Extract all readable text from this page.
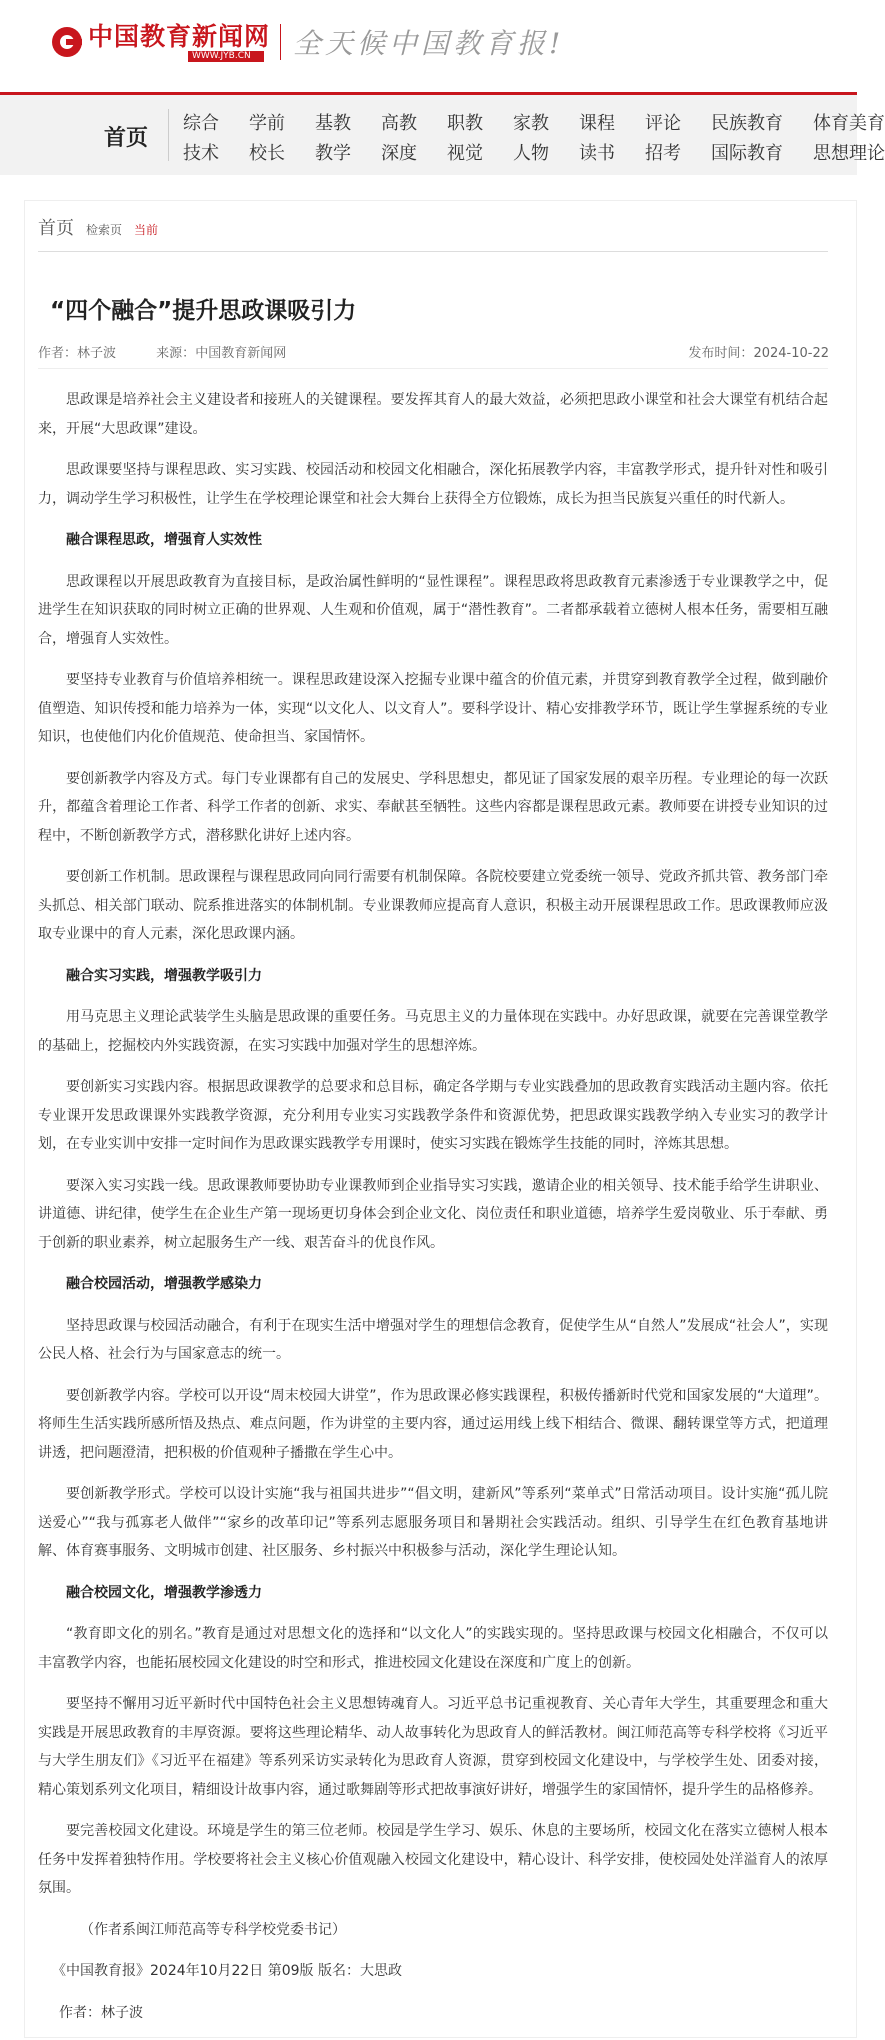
中国教育新闻网
WWW.JYB.CN	全天候中国教育报!
首页
综合 学前 基教 高教 职教 家教 课程 评论 民族教育 体育美育
技术 校长 教学 深度 视觉 人物 读书 招考 国际教育 思想理论
首页 检索页 当前
“四个融合”提升思政课吸引力
作者：林子波	来源：中国教育新闻网	发布时间：2024-10-22

思政课是培养社会主义建设者和接班人的关键课程。要发挥其育人的最大效益，必须把思政小课堂和社会大课堂有机结合起来，开展“大思政课”建设。

思政课要坚持与课程思政、实习实践、校园活动和校园文化相融合，深化拓展教学内容，丰富教学形式，提升针对性和吸引力，调动学生学习积极性，让学生在学校理论课堂和社会大舞台上获得全方位锻炼，成长为担当民族复兴重任的时代新人。

融合课程思政，增强育人实效性

思政课程以开展思政教育为直接目标，是政治属性鲜明的“显性课程”。课程思政将思政教育元素渗透于专业课教学之中，促进学生在知识获取的同时树立正确的世界观、人生观和价值观，属于“潜性教育”。二者都承载着立德树人根本任务，需要相互融合，增强育人实效性。

要坚持专业教育与价值培养相统一。课程思政建设深入挖掘专业课中蕴含的价值元素，并贯穿到教育教学全过程，做到融价值塑造、知识传授和能力培养为一体，实现“以文化人、以文育人”。要科学设计、精心安排教学环节，既让学生掌握系统的专业知识，也使他们内化价值规范、使命担当、家国情怀。

要创新教学内容及方式。每门专业课都有自己的发展史、学科思想史，都见证了国家发展的艰辛历程。专业理论的每一次跃升，都蕴含着理论工作者、科学工作者的创新、求实、奉献甚至牺牲。这些内容都是课程思政元素。教师要在讲授专业知识的过程中，不断创新教学方式，潜移默化讲好上述内容。

要创新工作机制。思政课程与课程思政同向同行需要有机制保障。各院校要建立党委统一领导、党政齐抓共管、教务部门牵头抓总、相关部门联动、院系推进落实的体制机制。专业课教师应提高育人意识，积极主动开展课程思政工作。思政课教师应汲取专业课中的育人元素，深化思政课内涵。

融合实习实践，增强教学吸引力

用马克思主义理论武装学生头脑是思政课的重要任务。马克思主义的力量体现在实践中。办好思政课，就要在完善课堂教学的基础上，挖掘校内外实践资源，在实习实践中加强对学生的思想淬炼。

要创新实习实践内容。根据思政课教学的总要求和总目标，确定各学期与专业实践叠加的思政教育实践活动主题内容。依托专业课开发思政课课外实践教学资源，充分利用专业实习实践教学条件和资源优势，把思政课实践教学纳入专业实习的教学计划，在专业实训中安排一定时间作为思政课实践教学专用课时，使实习实践在锻炼学生技能的同时，淬炼其思想。

要深入实习实践一线。思政课教师要协助专业课教师到企业指导实习实践，邀请企业的相关领导、技术能手给学生讲职业、讲道德、讲纪律，使学生在企业生产第一现场更切身体会到企业文化、岗位责任和职业道德，培养学生爱岗敬业、乐于奉献、勇于创新的职业素养，树立起服务生产一线、艰苦奋斗的优良作风。

融合校园活动，增强教学感染力

坚持思政课与校园活动融合，有利于在现实生活中增强对学生的理想信念教育，促使学生从“自然人”发展成“社会人”，实现公民人格、社会行为与国家意志的统一。

要创新教学内容。学校可以开设“周末校园大讲堂”，作为思政课必修实践课程，积极传播新时代党和国家发展的“大道理”。将师生生活实践所感所悟及热点、难点问题，作为讲堂的主要内容，通过运用线上线下相结合、微课、翻转课堂等方式，把道理讲透，把问题澄清，把积极的价值观种子播撒在学生心中。

要创新教学形式。学校可以设计实施“我与祖国共进步”“倡文明，建新风”等系列“菜单式”日常活动项目。设计实施“孤儿院送爱心”“我与孤寡老人做伴”“家乡的改革印记”等系列志愿服务项目和暑期社会实践活动。组织、引导学生在红色教育基地讲解、体育赛事服务、文明城市创建、社区服务、乡村振兴中积极参与活动，深化学生理论认知。

融合校园文化，增强教学渗透力

“教育即文化的别名。”教育是通过对思想文化的选择和“以文化人”的实践实现的。坚持思政课与校园文化相融合，不仅可以丰富教学内容，也能拓展校园文化建设的时空和形式，推进校园文化建设在深度和广度上的创新。

要坚持不懈用习近平新时代中国特色社会主义思想铸魂育人。习近平总书记重视教育、关心青年大学生，其重要理念和重大实践是开展思政教育的丰厚资源。要将这些理论精华、动人故事转化为思政育人的鲜活教材。闽江师范高等专科学校将《习近平与大学生朋友们》《习近平在福建》等系列采访实录转化为思政育人资源，贯穿到校园文化建设中，与学校学生处、团委对接，精心策划系列文化项目，精细设计故事内容，通过歌舞剧等形式把故事演好讲好，增强学生的家国情怀，提升学生的品格修养。

要完善校园文化建设。环境是学生的第三位老师。校园是学生学习、娱乐、休息的主要场所，校园文化在落实立德树人根本任务中发挥着独特作用。学校要将社会主义核心价值观融入校园文化建设中，精心设计、科学安排，使校园处处洋溢育人的浓厚氛围。

（作者系闽江师范高等专科学校党委书记）

《中国教育报》2024年10月22日 第09版 版名：大思政

作者：林子波
